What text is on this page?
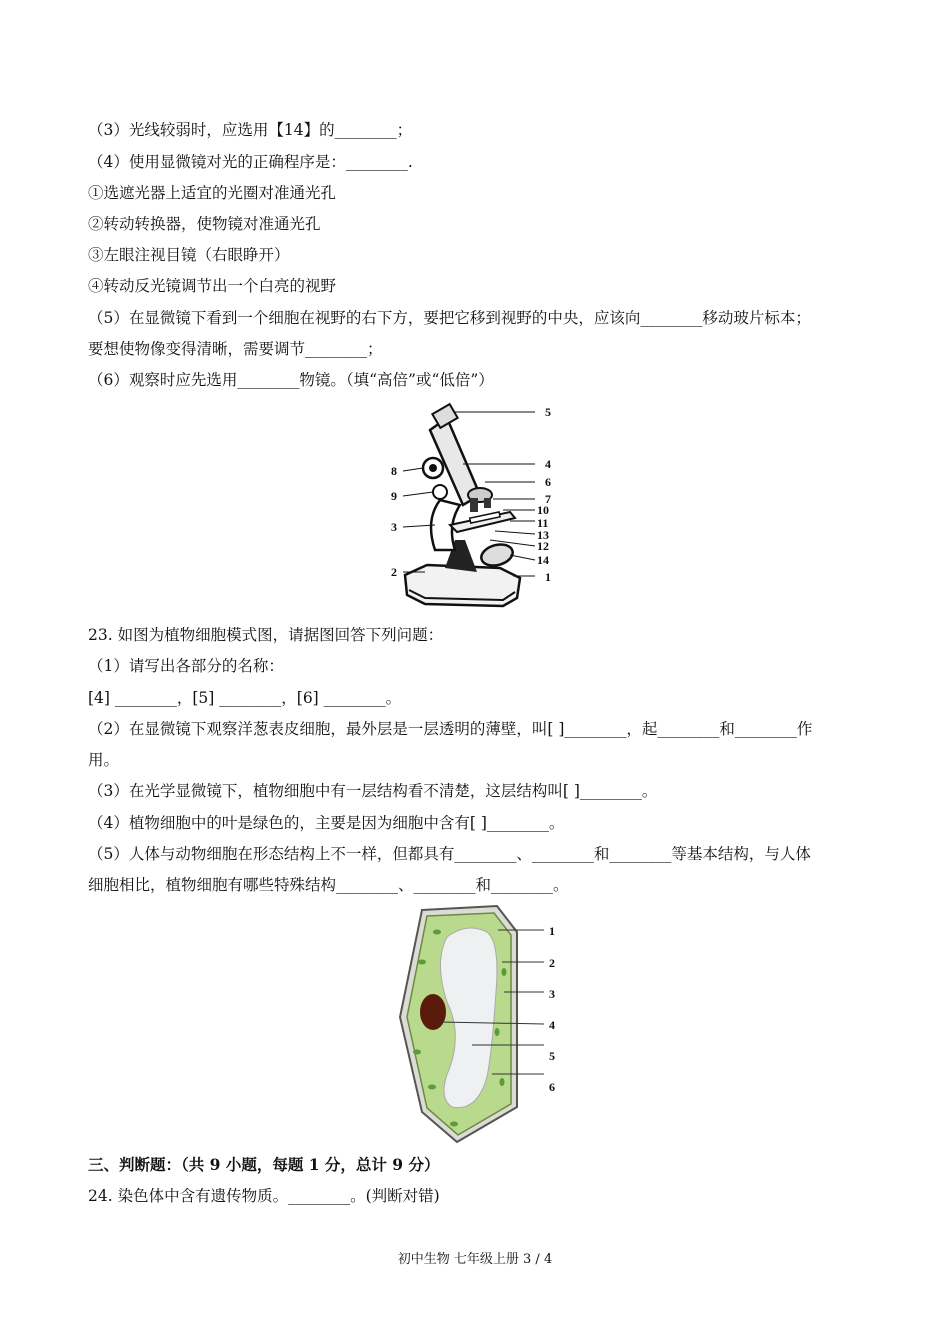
（3）光线较弱时，应选用【14】的________；
（4）使用显微镜对光的正确程序是：________.
①选遮光器上适宜的光圈对准通光孔
②转动转换器，使物镜对准通光孔
③左眼注视目镜（右眼睁开）
④转动反光镜调节出一个白亮的视野
（5）在显微镜下看到一个细胞在视野的右下方，要把它移到视野的中央，应该向________移动玻片标本；
要想使物像变得清晰，需要调节________；
（6）观察时应先选用________物镜。（填“高倍”或“低倍”）
5
4
6
7
10
11
13
12
14
1
8
9
3
2
23. 如图为植物细胞模式图，请据图回答下列问题：
（1）请写出各部分的名称：
[4] ________，[5] ________，[6] ________。
（2）在显微镜下观察洋葱表皮细胞，最外层是一层透明的薄壁，叫[ ]________，起________和________作
用。
（3）在光学显微镜下，植物细胞中有一层结构看不清楚，这层结构叫[ ]________。
（4）植物细胞中的叶是绿色的，主要是因为细胞中含有[ ]________。
（5）人体与动物细胞在形态结构上不一样，但都具有________、________和________等基本结构，与人体
细胞相比，植物细胞有哪些特殊结构________、________和________。
1
2
3
4
5
6
三、判断题：（共 9 小题，每题 1 分，总计 9 分）
24. 染色体中含有遗传物质。________。(判断对错)
初中生物 七年级上册 3 / 4
